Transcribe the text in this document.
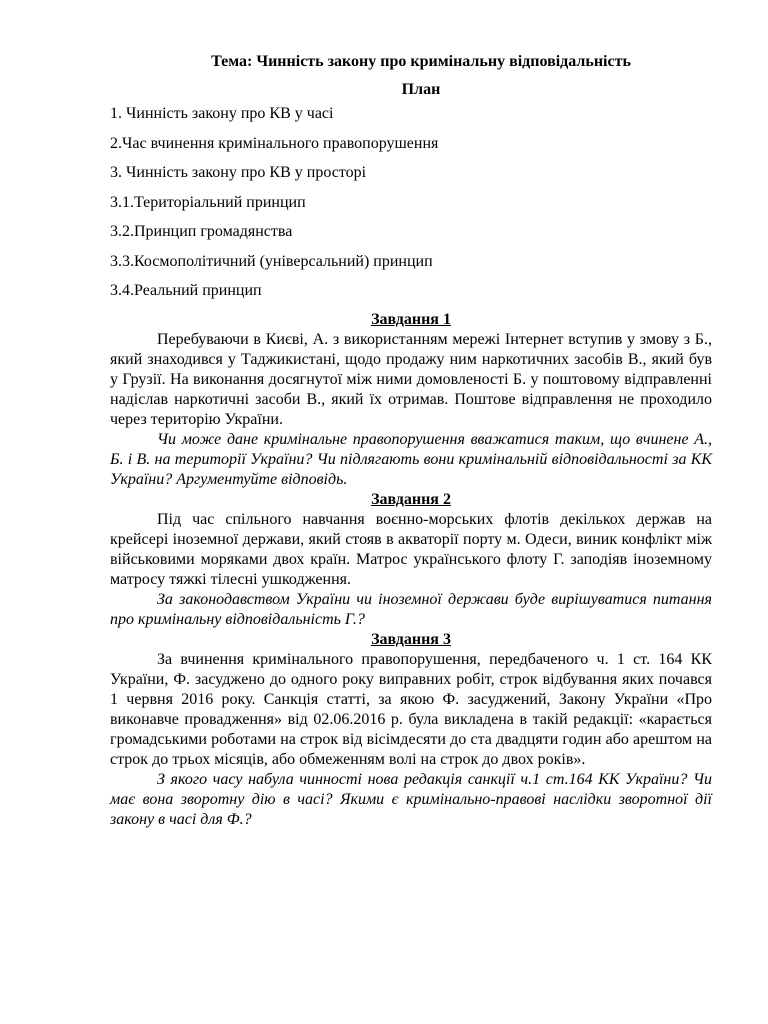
Тема: Чинність закону про кримінальну відповідальність

План

1. Чинність закону про КВ у часі

2.Час вчинення кримінального правопорушення

3. Чинність закону про КВ у просторі

3.1.Територіальний принцип

3.2.Принцип громадянства

3.3.Космополітичний (універсальний) принцип

3.4.Реальний принцип

Завдання 1

Перебуваючи в Києві, А. з використанням мережі Інтернет вступив у змову з Б., який знаходився у Таджикистані, щодо продажу ним наркотичних засобів В., який був у Грузії. На виконання досягнутої між ними домовленості Б. у поштовому відправленні надіслав наркотичні засоби В., який їх отримав. Поштове відправлення не проходило через територію України.

Чи може дане кримінальне правопорушення вважатися таким, що вчинене А., Б. і В. на території України? Чи підлягають вони кримінальній відповідальності за КК України? Аргументуйте відповідь.

Завдання 2

Під час спільного навчання воєнно-морських флотів декількох держав на крейсері іноземної держави, який стояв в акваторії порту м. Одеси, виник конфлікт між військовими моряками двох країн. Матрос українського флоту Г. заподіяв іноземному матросу тяжкі тілесні ушкодження.

За законодавством України чи іноземної держави буде вирішуватися питання про кримінальну відповідальність Г.?

Завдання 3

За вчинення кримінального правопорушення, передбаченого ч. 1 ст. 164 КК України, Ф. засуджено до одного року виправних робіт, строк відбування яких почався 1 червня 2016 року. Санкція статті, за якою Ф. засуджений, Закону України «Про виконавче провадження» від 02.06.2016 р. була викладена в такій редакції: «карається громадськими роботами на строк від вісімдесяти до ста двадцяти годин або арештом на строк до трьох місяців, або обмеженням волі на строк до двох років».

З якого часу набула чинності нова редакція санкції ч.1 ст.164 КК України? Чи має вона зворотну дію в часі? Якими є кримінально-правові наслідки зворотної дії закону в часі для Ф.?
